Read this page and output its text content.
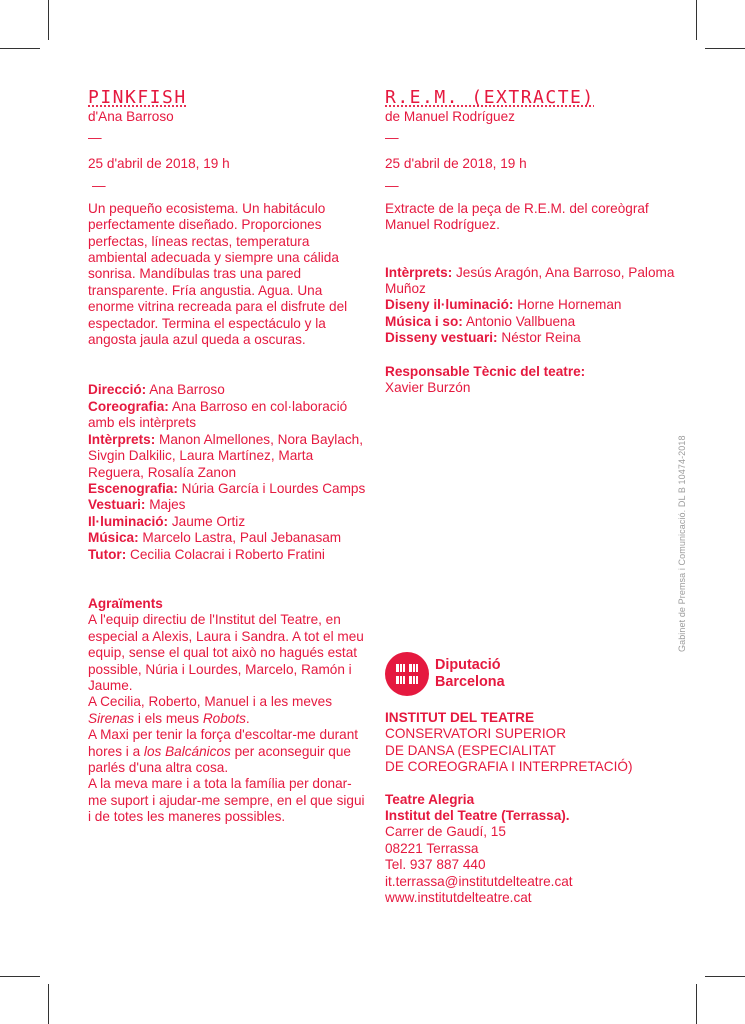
PINKFISH
d'Ana Barroso
—
25 d'abril de 2018, 19 h
—
Un pequeño ecosistema. Un habitáculo perfectamente diseñado. Proporciones perfectas, líneas rectas, temperatura ambiental adecuada y siempre una cálida sonrisa. Mandíbulas tras una pared transparente. Fría angustia. Agua. Una enorme vitrina recreada para el disfrute del espectador. Termina el espectáculo y la angosta jaula azul queda a oscuras.
Direcció: Ana Barroso
Coreografia: Ana Barroso en col·laboració amb els intèrprets
Intèrprets: Manon Almellones, Nora Baylach, Sivgin Dalkilic, Laura Martínez, Marta Reguera, Rosalía Zanon
Escenografia: Núria García i Lourdes Camps
Vestuari: Majes
Il·luminació: Jaume Ortiz
Música: Marcelo Lastra, Paul Jebanasam
Tutor: Cecilia Colacrai i Roberto Fratini
Agraïments
A l'equip directiu de l'Institut del Teatre, en especial a Alexis, Laura i Sandra. A tot el meu equip, sense el qual tot això no hagués estat possible, Núria i Lourdes, Marcelo, Ramón i Jaume.
A Cecilia, Roberto, Manuel i a les meves Sirenas i els meus Robots.
A Maxi per tenir la força d'escoltar-me durant hores i a los Balcánicos per aconseguir que parlés d'una altra cosa.
A la meva mare i a tota la família per donar-me suport i ajudar-me sempre, en el que sigui i de totes les maneres possibles.
R.E.M. (EXTRACTE)
de Manuel Rodríguez
—
25 d'abril de 2018, 19 h
—
Extracte de la peça de R.E.M. del coreògraf Manuel Rodríguez.
Intèrprets: Jesús Aragón, Ana Barroso, Paloma Muñoz
Diseny il·luminació: Horne Horneman
Música i so: Antonio Vallbuena
Disseny vestuari: Néstor Reina
Responsable Tècnic del teatre:
Xavier Burzón
Diputació
Barcelona
INSTITUT DEL TEATRE
CONSERVATORI SUPERIOR
DE DANSA (ESPECIALITAT
DE COREOGRAFIA I INTERPRETACIÓ)
Teatre Alegria
Institut del Teatre (Terrassa).
Carrer de Gaudí, 15
08221 Terrassa
Tel. 937 887 440
it.terrassa@institutdelteatre.cat
www.institutdelteatre.cat
Gabinet de Premsa i Comunicació. DL B 10474-2018
